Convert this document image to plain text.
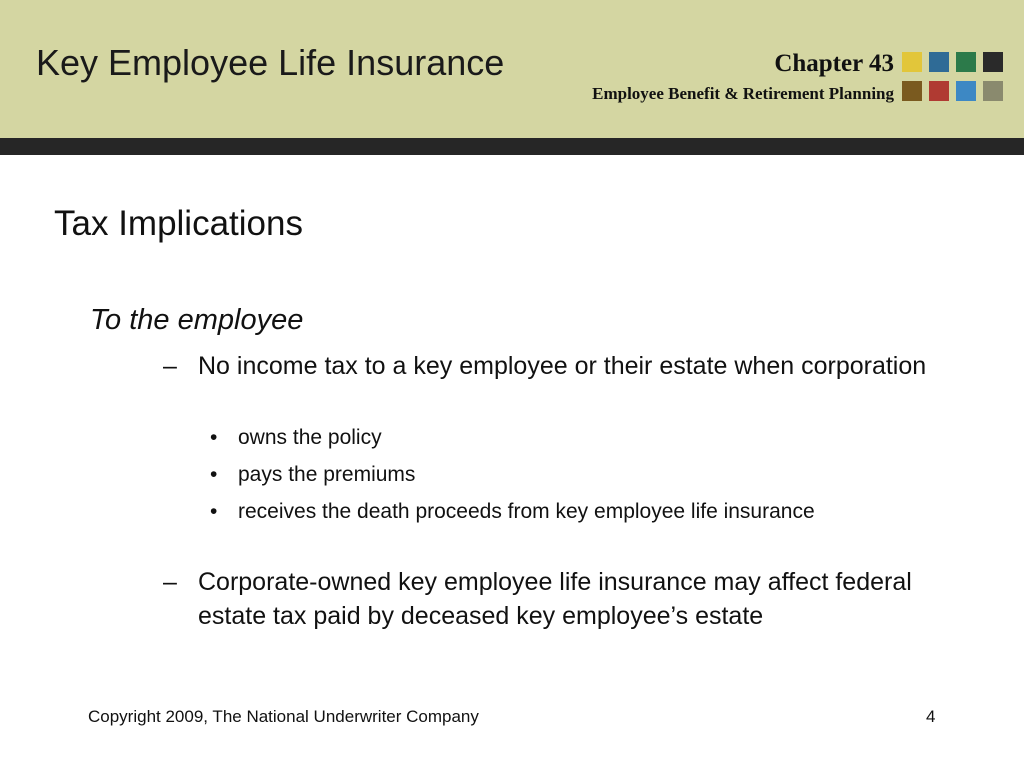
Key Employee Life Insurance	Chapter 43
Employee Benefit & Retirement Planning
Tax Implications
To the employee
– No income tax to a key employee or their estate when corporation
• owns the policy
• pays the premiums
• receives the death proceeds from key employee life insurance
– Corporate-owned key employee life insurance may affect federal estate tax paid by deceased key employee’s estate
Copyright 2009, The National Underwriter Company	4
